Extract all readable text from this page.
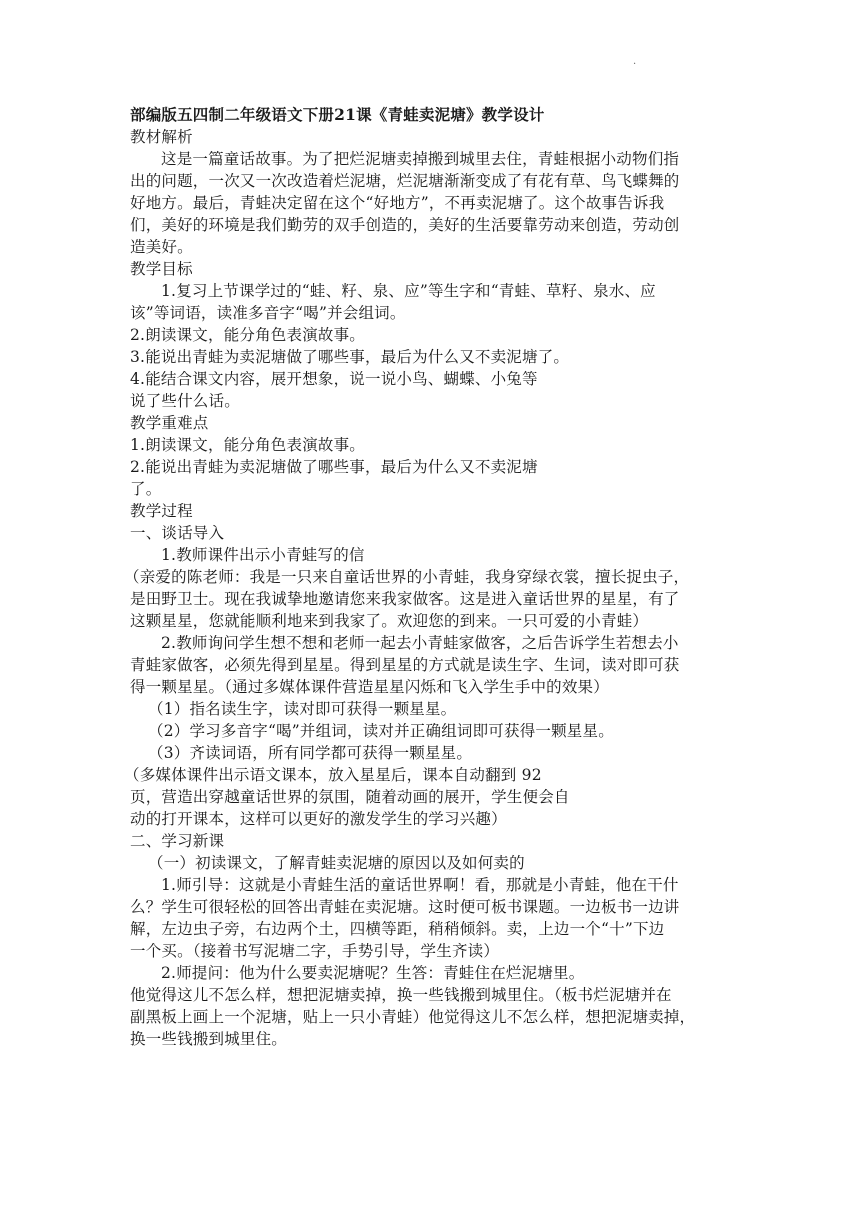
.
部编版五四制二年级语文下册21课《青蛙卖泥塘》教学设计
教材解析
这是一篇童话故事。为了把烂泥塘卖掉搬到城里去住，青蛙根据小动物们指
出的问题，一次又一次改造着烂泥塘，烂泥塘渐渐变成了有花有草、鸟飞蝶舞的
好地方。最后，青蛙决定留在这个“好地方”，不再卖泥塘了。这个故事告诉我
们，美好的环境是我们勤劳的双手创造的，美好的生活要靠劳动来创造，劳动创
造美好。
教学目标
1.复习上节课学过的“蛙、籽、泉、应”等生字和“青蛙、草籽、泉水、应
该”等词语，读准多音字“喝”并会组词。
2.朗读课文，能分角色表演故事。
3.能说出青蛙为卖泥塘做了哪些事，最后为什么又不卖泥塘了。
4.能结合课文内容，展开想象，说一说小鸟、蝴蝶、小兔等
说了些什么话。
教学重难点
1.朗读课文，能分角色表演故事。
2.能说出青蛙为卖泥塘做了哪些事，最后为什么又不卖泥塘
了。
教学过程
一、谈话导入
1.教师课件出示小青蛙写的信
（亲爱的陈老师：我是一只来自童话世界的小青蛙，我身穿绿衣裳，擅长捉虫子，
是田野卫士。现在我诚挚地邀请您来我家做客。这是进入童话世界的星星，有了
这颗星星，您就能顺利地来到我家了。欢迎您的到来。一只可爱的小青蛙）
2.教师询问学生想不想和老师一起去小青蛙家做客，之后告诉学生若想去小
青蛙家做客，必须先得到星星。得到星星的方式就是读生字、生词，读对即可获
得一颗星星。（通过多媒体课件营造星星闪烁和飞入学生手中的效果）
（1）指名读生字，读对即可获得一颗星星。
（2）学习多音字“喝”并组词，读对并正确组词即可获得一颗星星。
（3）齐读词语，所有同学都可获得一颗星星。
（多媒体课件出示语文课本，放入星星后，课本自动翻到 92
页，营造出穿越童话世界的氛围，随着动画的展开，学生便会自
动的打开课本，这样可以更好的激发学生的学习兴趣）
二、学习新课
（一）初读课文，了解青蛙卖泥塘的原因以及如何卖的
1.师引导：这就是小青蛙生活的童话世界啊！看，那就是小青蛙，他在干什
么？学生可很轻松的回答出青蛙在卖泥塘。这时便可板书课题。一边板书一边讲
解，左边虫子旁，右边两个土，四横等距，稍稍倾斜。卖，上边一个“十”下边
一个买。（接着书写泥塘二字，手势引导，学生齐读）
2.师提问：他为什么要卖泥塘呢？生答：青蛙住在烂泥塘里。
他觉得这儿不怎么样，想把泥塘卖掉，换一些钱搬到城里住。（板书烂泥塘并在
副黑板上画上一个泥塘，贴上一只小青蛙）他觉得这儿不怎么样，想把泥塘卖掉，
换一些钱搬到城里住。
